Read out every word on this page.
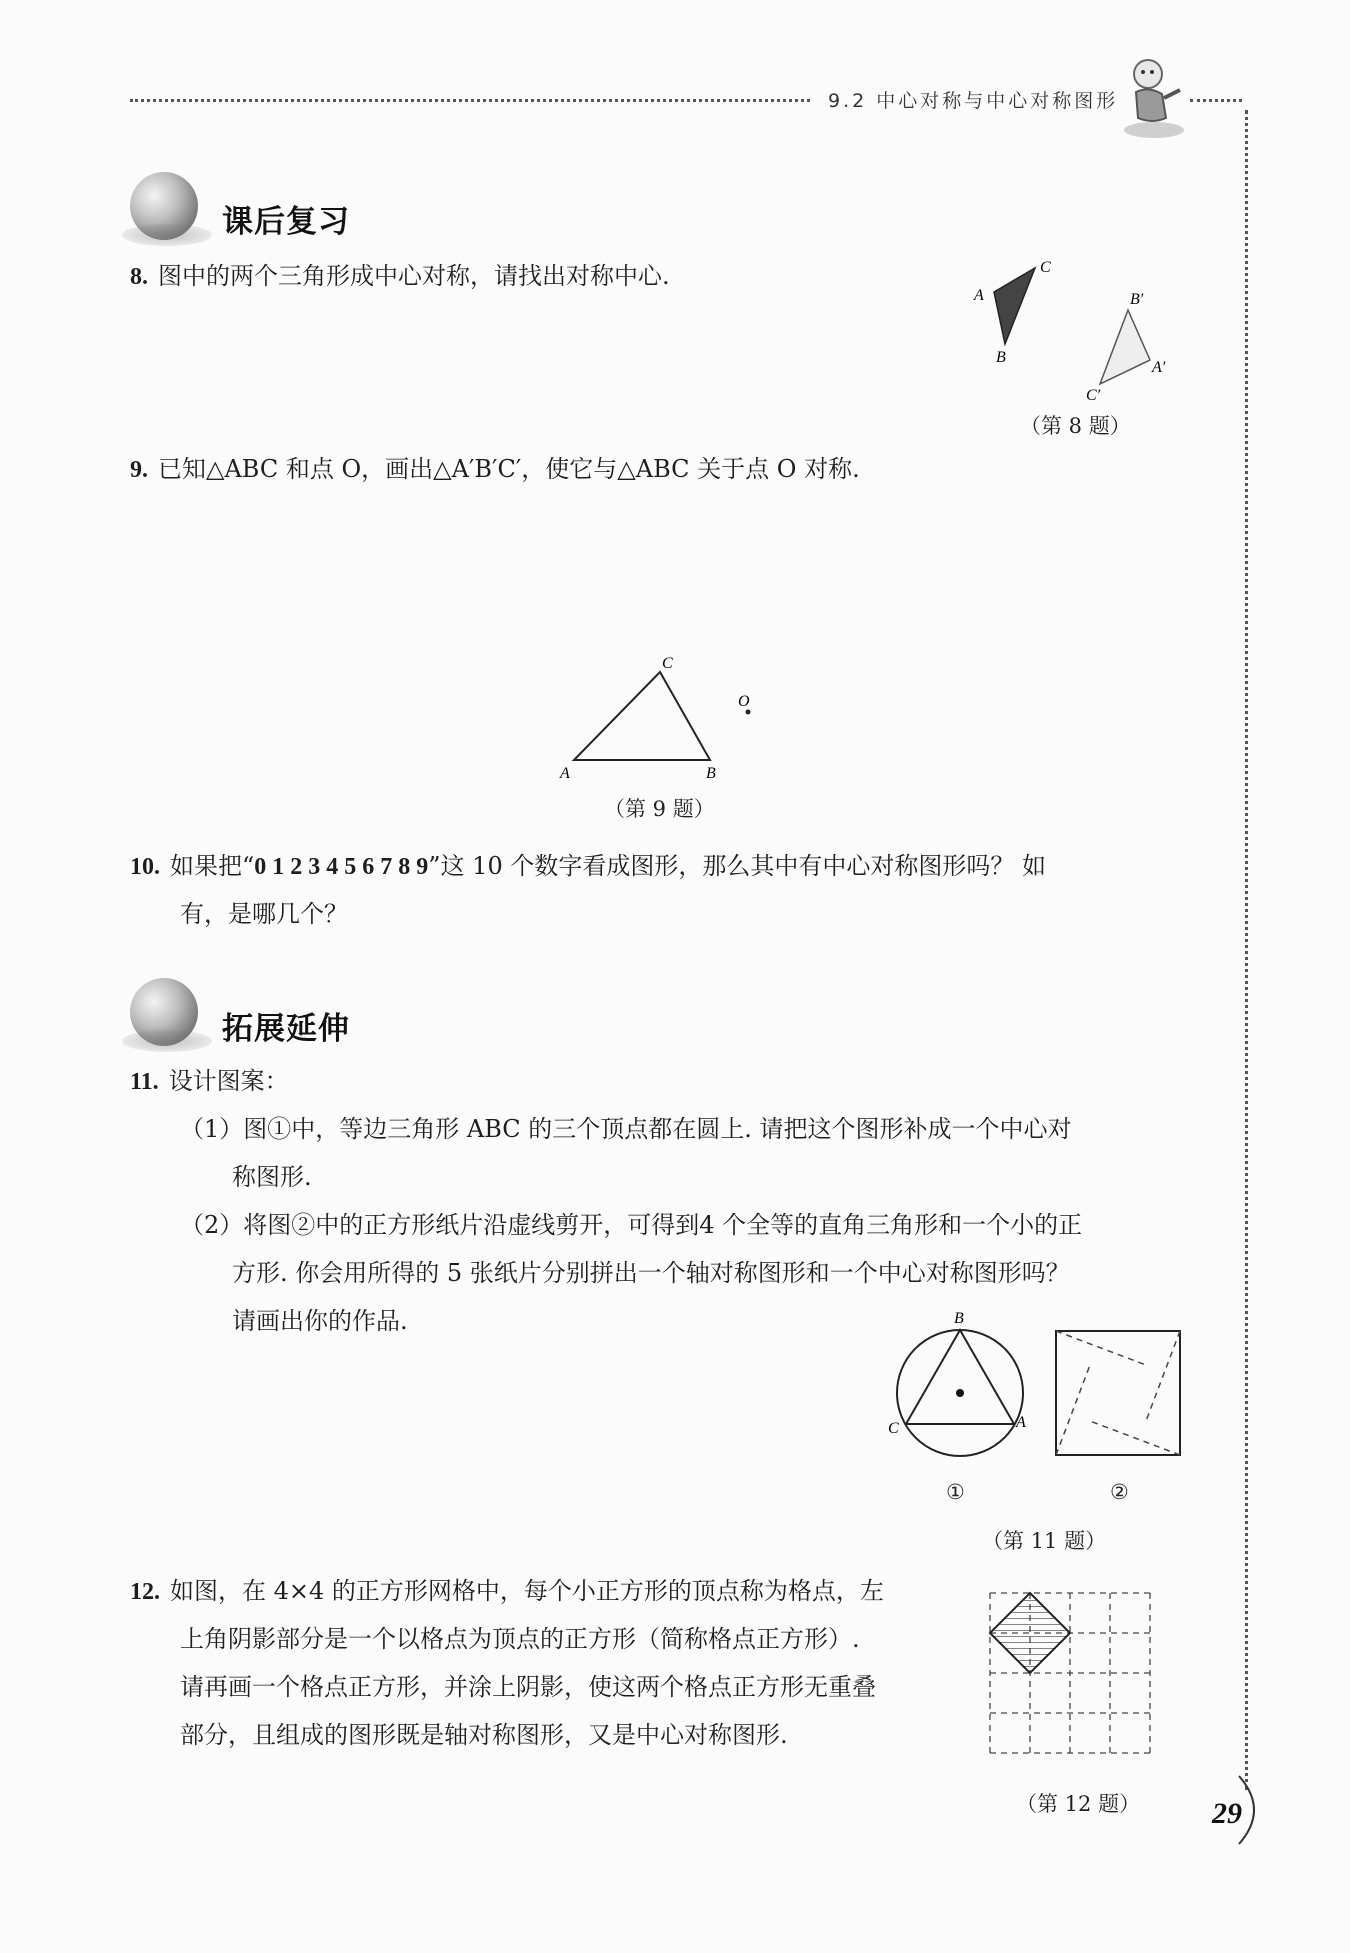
9.2 中心对称与中心对称图形
课后复习
8. 图中的两个三角形成中心对称，请找出对称中心.
A
C
B
B′
A′
C′
（第 8 题）
9. 已知△ABC 和点 O，画出△A′B′C′，使它与△ABC 关于点 O 对称.
C
A	B
O
（第 9 题）
10. 如果把“0 1 2 3 4 5 6 7 8 9”这 10 个数字看成图形，那么其中有中心对称图形吗？ 如
有，是哪几个？
拓展延伸
11. 设计图案：
（1）图①中，等边三角形 ABC 的三个顶点都在圆上. 请把这个图形补成一个中心对
称图形.
（2）将图②中的正方形纸片沿虚线剪开，可得到4 个全等的直角三角形和一个小的正
方形. 你会用所得的 5 张纸片分别拼出一个轴对称图形和一个中心对称图形吗？
请画出你的作品.	B
A
C
①	②
（第 11 题）
12. 如图，在 4×4 的正方形网格中，每个小正方形的顶点称为格点，左
上角阴影部分是一个以格点为顶点的正方形（简称格点正方形）.
请再画一个格点正方形，并涂上阴影，使这两个格点正方形无重叠
部分，且组成的图形既是轴对称图形，又是中心对称图形.
（第 12 题） 29
